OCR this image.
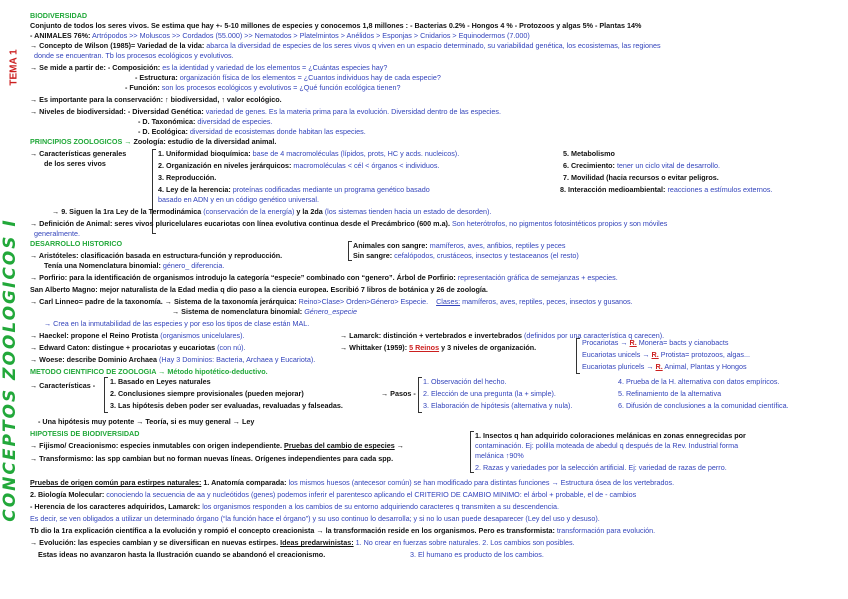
TEMA 1
CONCEPTOS ZOOLOGICOS I
BIODIVERSIDAD
Conjunto de todos los seres vivos. Se estima que hay +- 5-10 millones de especies y conocemos 1,8 millones : - Bacterias 0.2% - Hongos 4 % - Protozoos y algas 5% - Plantas 14%
- ANIMALES 76%: Artrópodos >> Moluscos >> Cordados (55.000) >> Nematodos > Platelmintos > Anélidos > Esponjas > Cnidarios > Equinodermos (7.000)
→ Concepto de Wilson (1985)= Variedad de la vida: abarca la diversidad de especies de los seres vivos q viven en un espacio determinado, su variabilidad genética, los ecosistemas, las regiones
donde se encuentran. Tb los procesos ecológicos y evolutivos.
→ Se mide a partir de: - Composición: es la identidad y variedad de los elementos = ¿Cuántas especies hay?
- Estructura: organización física de los elementos = ¿Cuantos individuos hay de cada especie?
- Función: son los procesos ecológicos y evolutivos = ¿Qué función ecológica tienen?
→ Es importante para la conservación: ↑ biodiversidad, ↑ valor ecológico.
→ Niveles de biodiversidad: - Diversidad Genética: variedad de genes. Es la materia prima para la evolución. Diversidad dentro de las especies.
- D. Taxonómica: diversidad de especies.
- D. Ecológica: diversidad de ecosistemas donde habitan las especies.
PRINCIPIOS ZOOLOGICOS → Zoología: estudio de la diversidad animal.
→ Características generales
de los seres vivos
1. Uniformidad bioquímica: base de 4 macromoléculas (lípidos, prots, HC y acds. nucleicos).
2. Organización en niveles jerárquicos: macromoléculas < cél < órganos < individuos.
3. Reproducción.
4. Ley de la herencia: proteínas codificadas mediante un programa genético basado
basado en ADN y en un código genético universal.
5. Metabolismo
6. Crecimiento: tener un ciclo vital de desarrollo.
7. Movilidad (hacia recursos o evitar peligros.
8. Interacción medioambiental: reacciones a estímulos externos.
→ 9. Siguen la 1ra Ley de la Termodinámica (conservación de la energía) y la 2da (los sistemas tienden hacia un estado de desorden).
→ Definición de Animal: seres vivos pluricelulares eucariotas con línea evolutiva continua desde el Precámbrico (600 m.a). Son heterótrofos, no pigmentos fotosintéticos propios y son móviles
generalmente.
DESARROLLO HISTORICO
→ Aristóteles: clasificación basada en estructura-función y reproducción.
Tenía una Nomenclatura binomial: género_ diferencia.
Animales con sangre: mamíferos, aves, anfibios, reptiles y peces
Sin sangre: cefalópodos, crustáceos, insectos y testaceanos (el resto)
→ Porfirio: para la identificación de organismos introdujo la categoría “especie” combinado con “genero”. Árbol de Porfirio: representación gráfica de semejanzas + especies.
San Alberto Magno: mejor naturalista de la Edad media q dio paso a la ciencia europea. Escribió 7 libros de botánica y 26 de zoología.
→ Carl Linneo= padre de la taxonomía. → Sistema de la taxonomía jerárquica: Reino>Clase> Orden>Género> Especie. Clases: mamíferos, aves, reptiles, peces, insectos y gusanos.
→ Sistema de nomenclatura binomial: Género_especie
→ Crea en la inmutabilidad de las especies y por eso los tipos de clase están MAL.
→ Haeckel: propone el Reino Protista (organismos unicelulares).	→ Lamarck: distinción + vertebrados e invertebrados (definidos por una característica q carecen).
→ Edward Caton: distingue + procariotas y eucariotas (con nú).	→ Whittaker (1959): 5 Reinos y 3 niveles de organización.
Procariotas → R. Monera= bacts y cianobacts
Eucariotas unicels → R. Protista= protozoos, algas...
Eucariotas pluricels → R. Animal, Plantas y Hongos
→ Woese: describe Dominio Archaea (Hay 3 Dominios: Bacteria, Archaea y Eucariota).
METODO CIENTIFICO DE ZOOLOGIA → Método hipotético-deductivo.
→ Características - 1. Basado en Leyes naturales
2. Conclusiones siempre provisionales (pueden mejorar)
3. Las hipótesis deben poder ser evaluadas, revaluadas y falseadas.
→ Pasos -
1. Observación del hecho.
2. Elección de una pregunta (la + simple).
3. Elaboración de hipótesis (alternativa y nula).
4. Prueba de la H. alternativa con datos empíricos.
5. Refinamiento de la alternativa
6. Difusión de conclusiones a la comunidad científica.
- Una hipótesis muy potente → Teoría, si es muy general → Ley
HIPOTESIS DE BIODIVERSIDAD
→ Fijismo/ Creacionismo: especies inmutables con origen independiente. Pruebas del cambio de especies →
1. Insectos q han adquirido coloraciones melánicas en zonas ennegrecidas por
contaminación. Ej: polilla moteada de abedul q después de la Rev. Industrial forma
melánica ↑90%
→ Transformismo: las spp cambian but no forman nuevas líneas. Orígenes independientes para cada spp.
2. Razas y variedades por la selección artificial. Ej: variedad de razas de perro.
Pruebas de origen común para estirpes naturales: 1. Anatomía comparada: los mismos huesos (antecesor común) se han modificado para distintas funciones → Estructura ósea de los vertebrados.
2. Biología Molecular: conociendo la secuencia de aa y nucleótidos (genes) podemos inferir el parentesco aplicando el CRITERIO DE CAMBIO MINIMO: el árbol + probable, el de - cambios
- Herencia de los caracteres adquiridos, Lamarck: los organismos responden a los cambios de su entorno adquiriendo caracteres q transmiten a su descendencia.
Es decir, se ven obligados a utilizar un determinado órgano (“la función hace el órgano”) y su uso continuo lo desarrolla; y si no lo usan puede desaparecer (Ley del uso y desuso).
Tb dio la 1ra explicación científica a la evolución y rompió el concepto creacionista → la transformación reside en los organismos. Pero es transformista: transformación para evolución.
→ Evolución: las especies cambian y se diversifican en nuevas estirpes. Ideas predarwinistas: 1. No crear en fuerzas sobre naturales. 2. Los cambios son posibles.
Estas ideas no avanzaron hasta la Ilustración cuando se abandonó el creacionismo.	3. El humano es producto de los cambios.
